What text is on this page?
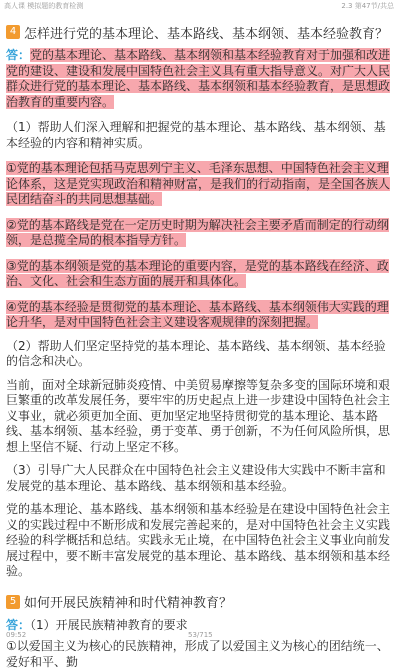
高人课 模拟题的教育检测	2.3 第47节/共总
4 怎样进行党的基本理论、基本路线、基本纲领、基本经验教育？

答：党的基本理论、基本路线、基本纲领和基本经验教育对于加强和改进党的建设、建设和发展中国特色社会主义具有重大指导意义。对广大人民群众进行党的基本理论、基本路线、基本纲领和基本经验教育，是思想政治教育的重要内容。

（1）帮助人们深入理解和把握党的基本理论、基本路线、基本纲领、基本经验的内容和精神实质。

①党的基本理论包括马克思列宁主义、毛泽东思想、中国特色社会主义理论体系，这是党实现政治和精神财富，是我们的行动指南，是全国各族人民团结奋斗的共同思想基础。

②党的基本路线是党在一定历史时期为解决社会主要矛盾而制定的行动纲领，是总揽全局的根本指导方针。

③党的基本纲领是党的基本理论的重要内容，是党的基本路线在经济、政治、文化、社会和生态方面的展开和具体化。

④党的基本经验是贯彻党的基本理论、基本路线、基本纲领伟大实践的理论升华，是对中国特色社会主义建设客观规律的深刻把握。

（2）帮助人们坚定坚持党的基本理论、基本路线、基本纲领、基本经验的信念和决心。

当前，面对全球新冠肺炎疫情、中美贸易摩擦等复杂多变的国际环境和艰巨繁重的改革发展任务，要牢牢的历史起点上进一步建设中国特色社会主义事业，就必须更加全面、更加坚定地坚持贯彻党的基本理论、基本路线、基本纲领、基本经验，勇于变革、勇于创新，不为任何风险所惧，思想上坚信不疑、行动上坚定不移。

（3）引导广大人民群众在中国特色社会主义建设伟大实践中不断丰富和发展党的基本理论、基本路线、基本纲领和基本经验。

党的基本理论、基本路线、基本纲领和基本经验是在建设中国特色社会主义的实践过程中不断形成和发展完善起来的，是对中国特色社会主义实践经验的科学概括和总结。实践永无止境，在中国特色社会主义事业向前发展过程中，要不断丰富发展党的基本理论、基本路线、基本纲领和基本经验。

5 如何开展民族精神和时代精神教育？

答：（1）开展民族精神教育的要求

①以爱国主义为核心的民族精神，形成了以爱国主义为核心的团结统一、爱好和平、勤

09:52	53/715
